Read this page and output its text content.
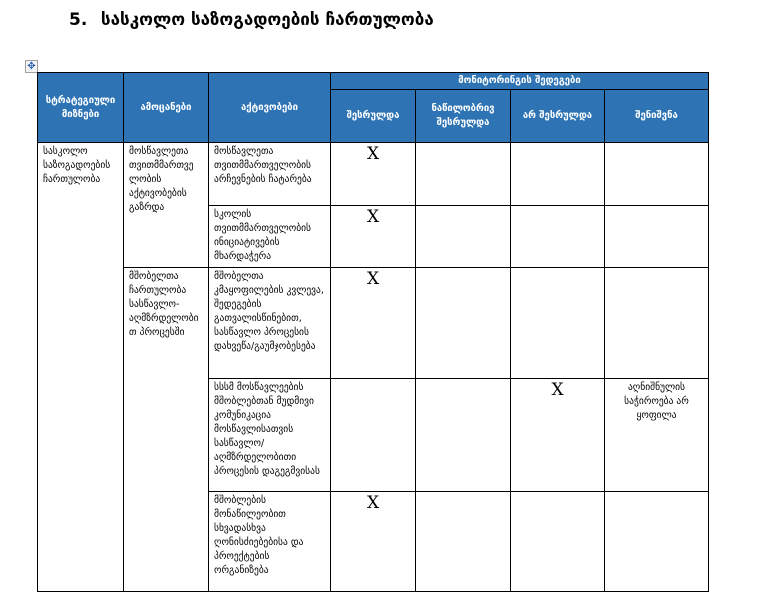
5. სასკოლო საზოგადოების ჩართულობა
✥
სტრატეგიული მიზნები	ამოცანები	აქტივობები	მონიტორინგის შედეგები			
			შესრულდა	ნაწილობრივ შესრულდა	არ შესრულდა	შენიშვნა
სასკოლო საზოგადოების ჩართულობა	მოსწავლეთა თვითმმართველობის აქტივობების გაზრდა	მოსწავლეთა თვითმმართველობის არჩევნების ჩატარება	X			

		სკოლის თვითმმართველობის ინიციატივების მხარდაჭერა	X			

	მშობელთა ჩართულობა სასწავლო-აღმზრდელობით პროცესში	მშობელთა კმაყოფილების კვლევა, შედეგების გათვალისწინებით, სასწავლო პროცესის დახვეწა/გაუმჯობესება	X			

		სსსმ მოსწავლეების მშობლებთან მუდმივი კომუნიკაცია მოსწავლისათვის სასწავლო/აღმზრდელობითი პროცესის დაგეგმვისას			X	აღნიშნულის საჭიროება არ ყოფილა

		მშობლების მონაწილეობით სხვადასხვა ღონისძიებებისა და პროექტების ორგანიზება	X			
